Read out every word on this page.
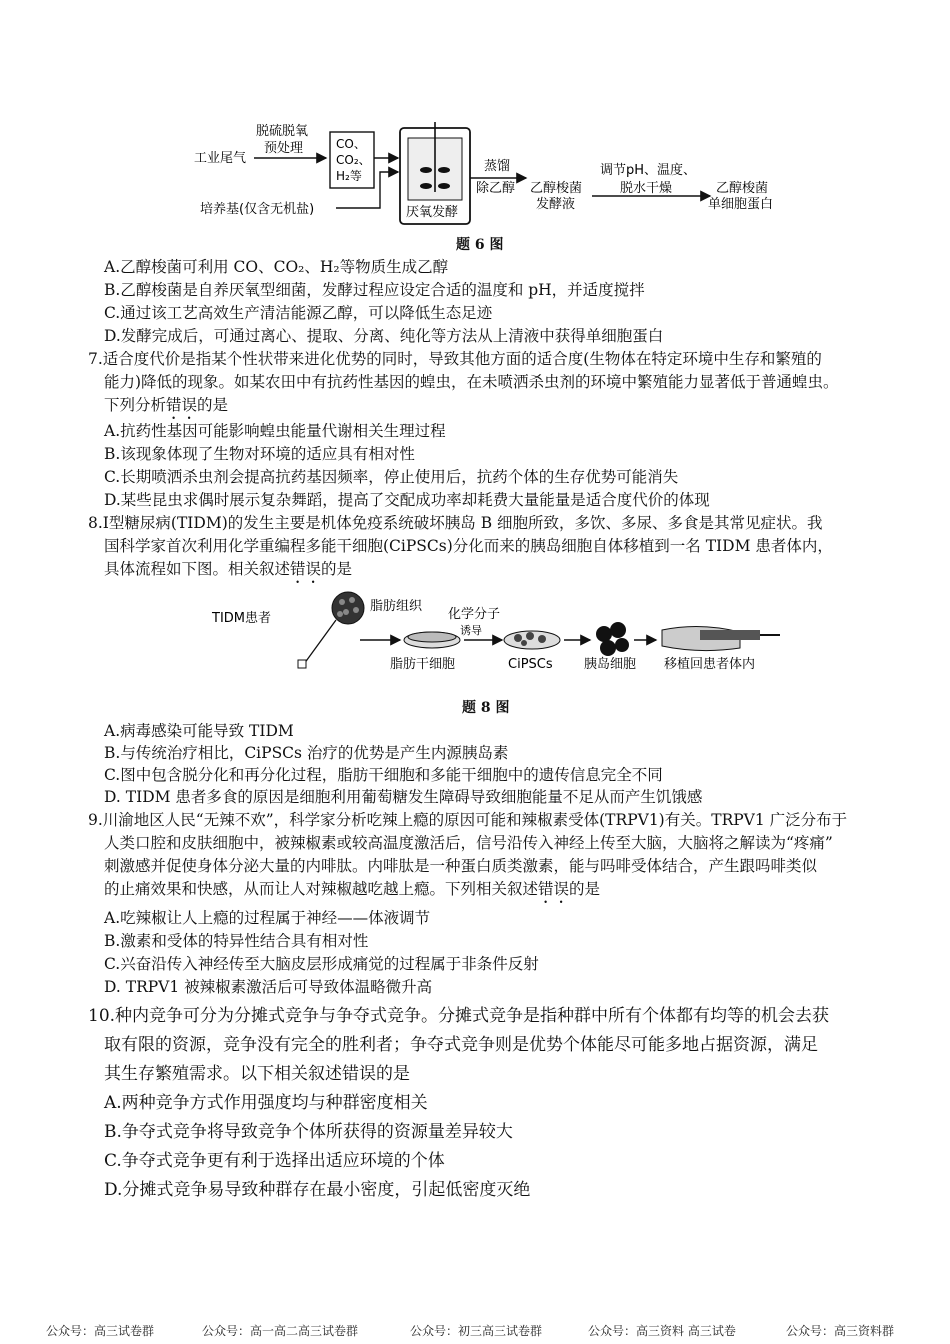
工业尾气
脱硫脱氧
预处理	CO、
CO₂、
H₂等
培养基(仅含无机盐)	厌氧发酵
蒸馏
除乙醇 乙醇梭菌
发酵液
调节pH、温度、
脱水干燥	乙醇梭菌
单细胞蛋白
题 6 图
A.乙醇梭菌可利用 CO、CO₂、H₂等物质生成乙醇
B.乙醇梭菌是自养厌氧型细菌，发酵过程应设定合适的温度和 pH，并适度搅拌
C.通过该工艺高效生产清洁能源乙醇，可以降低生态足迹
D.发酵完成后，可通过离心、提取、分离、纯化等方法从上清液中获得单细胞蛋白
7.适合度代价是指某个性状带来进化优势的同时，导致其他方面的适合度(生物体在特定环境中生存和繁殖的
能力)降低的现象。如某农田中有抗药性基因的蝗虫，在未喷洒杀虫剂的环境中繁殖能力显著低于普通蝗虫。
下列分析错误的是
A.抗药性基因可能影响蝗虫能量代谢相关生理过程
B.该现象体现了生物对环境的适应具有相对性
C.长期喷洒杀虫剂会提高抗药基因频率，停止使用后，抗药个体的生存优势可能消失
D.某些昆虫求偶时展示复杂舞蹈，提高了交配成功率却耗费大量能量是适合度代价的体现
8.Ⅰ型糖尿病(TIDM)的发生主要是机体免疫系统破坏胰岛 B 细胞所致，多饮、多尿、多食是其常见症状。我
国科学家首次利用化学重编程多能干细胞(CiPSCs)分化而来的胰岛细胞自体移植到一名 TIDM 患者体内，
具体流程如下图。相关叙述错误的是
TIDM患者
脂肪组织
脂肪干细胞
化学分子
诱导
CiPSCs 胰岛细胞 移植回患者体内
题 8 图
A.病毒感染可能导致 TIDM
B.与传统治疗相比，CiPSCs 治疗的优势是产生内源胰岛素
C.图中包含脱分化和再分化过程，脂肪干细胞和多能干细胞中的遗传信息完全不同
D. TIDM 患者多食的原因是细胞利用葡萄糖发生障碍导致细胞能量不足从而产生饥饿感
9.川渝地区人民“无辣不欢”，科学家分析吃辣上瘾的原因可能和辣椒素受体(TRPV1)有关。TRPV1 广泛分布于
人类口腔和皮肤细胞中，被辣椒素或较高温度激活后，信号沿传入神经上传至大脑，大脑将之解读为“疼痛”
刺激感并促使身体分泌大量的内啡肽。内啡肽是一种蛋白质类激素，能与吗啡受体结合，产生跟吗啡类似
的止痛效果和快感，从而让人对辣椒越吃越上瘾。下列相关叙述错误的是
A.吃辣椒让人上瘾的过程属于神经——体液调节
B.激素和受体的特异性结合具有相对性
C.兴奋沿传入神经传至大脑皮层形成痛觉的过程属于非条件反射
D. TRPV1 被辣椒素激活后可导致体温略微升高
10.种内竞争可分为分摊式竞争与争夺式竞争。分摊式竞争是指种群中所有个体都有均等的机会去获
取有限的资源，竞争没有完全的胜利者；争夺式竞争则是优势个体能尽可能多地占据资源，满足
其生存繁殖需求。以下相关叙述错误的是
A.两种竞争方式作用强度均与种群密度相关
B.争夺式竞争将导致竞争个体所获得的资源量差异较大
C.争夺式竞争更有利于选择出适应环境的个体
D.分摊式竞争易导致种群存在最小密度，引起低密度灭绝
公众号：高三试卷群	公众号：高一高二高三试卷群	公众号：初三高三试卷群	公众号：高三资料 高三试卷	公众号：高三资料群
